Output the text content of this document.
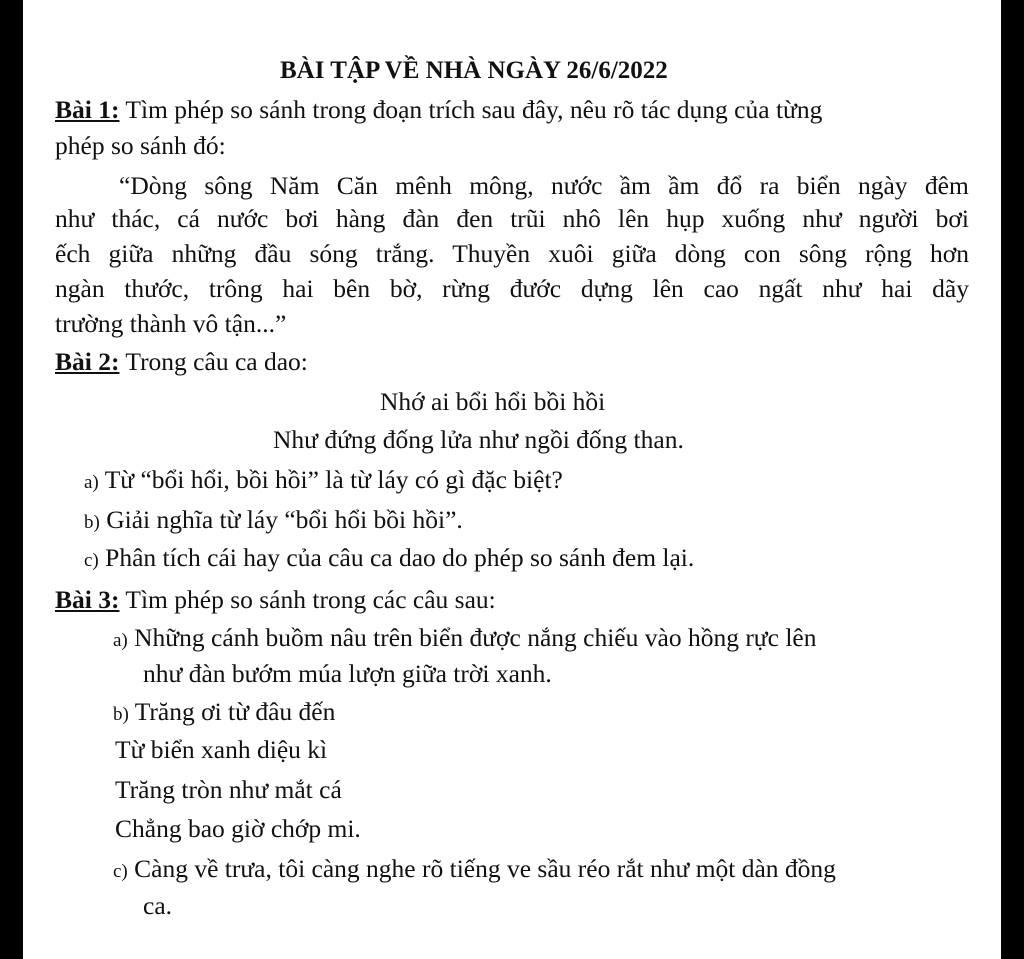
BÀI TẬP VỀ NHÀ NGÀY 26/6/2022
Bài 1: Tìm phép so sánh trong đoạn trích sau đây, nêu rõ tác dụng của từng
phép so sánh đó:
“Dòng sông Năm Căn mênh mông, nước ầm ầm đổ ra biển ngày đêm
như thác, cá nước bơi hàng đàn đen trũi nhô lên hụp xuống như người bơi
ếch giữa những đầu sóng trắng. Thuyền xuôi giữa dòng con sông rộng hơn
ngàn thước, trông hai bên bờ, rừng đước dựng lên cao ngất như hai dãy
trường thành vô tận...”
Bài 2: Trong câu ca dao:
Nhớ ai bổi hổi bồi hồi
Như đứng đống lửa như ngồi đống than.
a) Từ “bổi hổi, bồi hồi” là từ láy có gì đặc biệt?
b) Giải nghĩa từ láy “bổi hổi bồi hồi”.
c) Phân tích cái hay của câu ca dao do phép so sánh đem lại.
Bài 3: Tìm phép so sánh trong các câu sau:
a) Những cánh buồm nâu trên biển được nắng chiếu vào hồng rực lên
như đàn bướm múa lượn giữa trời xanh.
b) Trăng ơi từ đâu đến
Từ biển xanh diệu kì
Trăng tròn như mắt cá
Chẳng bao giờ chớp mi.
c) Càng về trưa, tôi càng nghe rõ tiếng ve sầu réo rắt như một dàn đồng
ca.
